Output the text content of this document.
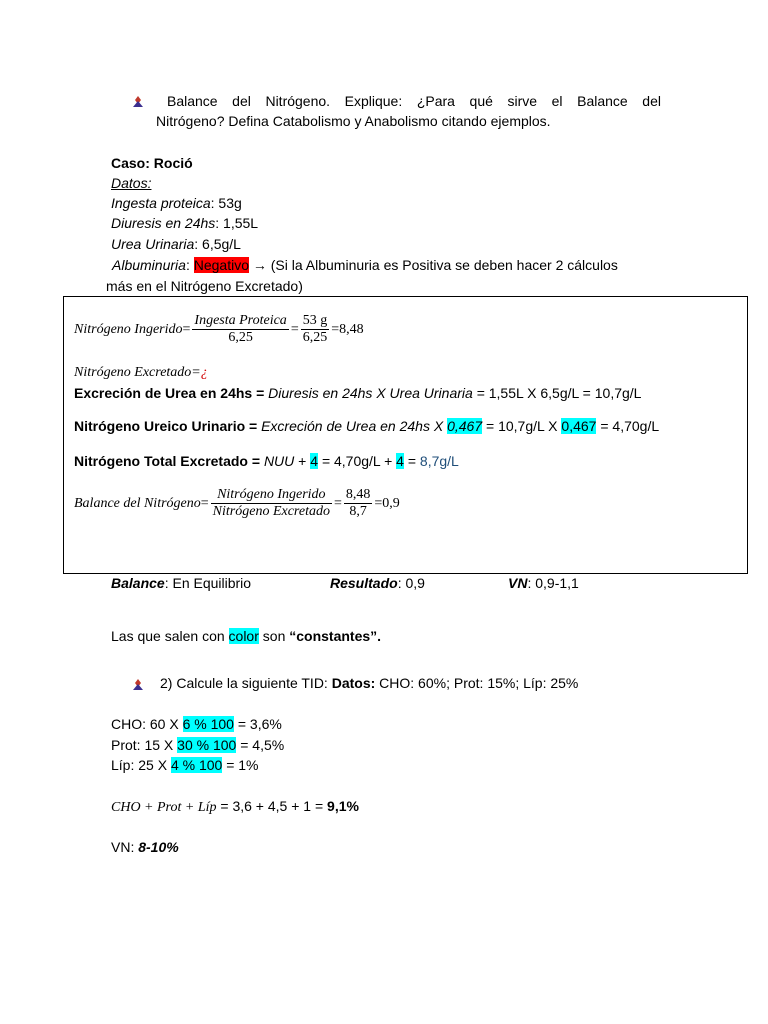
Balance del Nitrógeno. Explique: ¿Para qué sirve el Balance del
Nitrógeno? Defina Catabolismo y Anabolismo citando ejemplos.
Caso: Roció
Datos:
Ingesta proteica: 53g
Diuresis en 24hs: 1,55L
Urea Urinaria: 6,5g/L
Albuminuria: Negativo → (Si la Albuminuria es Positiva se deben hacer 2 cálculos
más en el Nitrógeno Excretado)
Nitrógeno Ingerido = $\frac{\text{Ingesta Proteica}}{6,25} = \frac{53 g}{6,25} = 8,48$
Nitrógeno Excretado=¿
Excreción de Urea en 24hs = Diuresis en 24hs X Urea Urinaria = 1,55L X 6,5g/L = 10,7g/L
Nitrógeno Ureico Urinario = Excreción de Urea en 24hs X 0,467 = 10,7g/L X 0,467 = 4,70g/L
Nitrógeno Total Excretado = NUU + 4 = 4,70g/L + 4 = 8,7g/L
Balance del Nitrógeno = $\frac{\text{Nitrógeno Ingerido}}{\text{Nitrógeno Excretado}} = \frac{8,48}{8,7} = 0,9$
Balance: En Equilibrio	Resultado: 0,9	VN: 0,9-1,1
Las que salen con color son “constantes”.
2) Calcule la siguiente TID: Datos: CHO: 60%; Prot: 15%; Líp: 25%
CHO: 60 X 6 % 100 = 3,6%
Prot: 15 X 30 % 100 = 4,5%
Líp: 25 X 4 % 100 = 1%
CHO + Prot + Líp = 3,6 + 4,5 + 1 = 9,1%
VN: 8-10%
